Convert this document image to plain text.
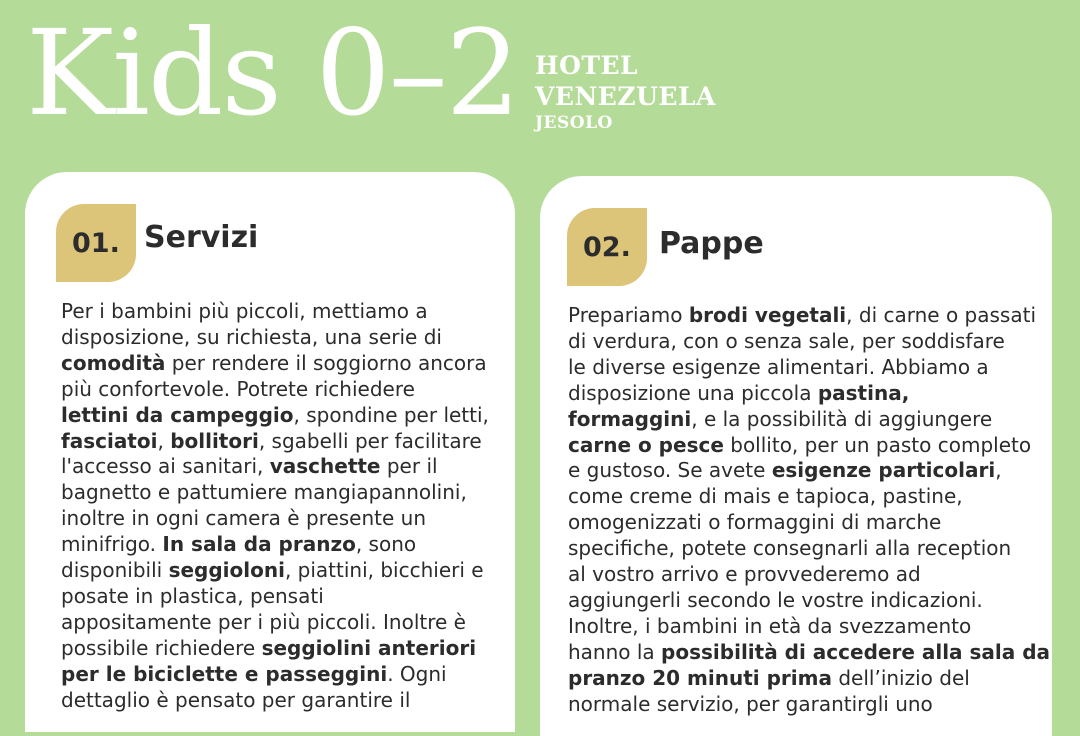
Kids 0–2 HOTEL
VENEZUELA
JESOLO
01. Servizi
Per i bambini più piccoli, mettiamo a
disposizione, su richiesta, una serie di
comodità per rendere il soggiorno ancora
più confortevole. Potrete richiedere
lettini da campeggio, spondine per letti,
fasciatoi, bollitori, sgabelli per facilitare
l'accesso ai sanitari, vaschette per il
bagnetto e pattumiere mangiapannolini,
inoltre in ogni camera è presente un
minifrigo. In sala da pranzo, sono
disponibili seggioloni, piattini, bicchieri e
posate in plastica, pensati
appositamente per i più piccoli. Inoltre è
possibile richiedere seggiolini anteriori
per le biciclette e passeggini. Ogni
dettaglio è pensato per garantire il
02. Pappe
Prepariamo brodi vegetali, di carne o passati
di verdura, con o senza sale, per soddisfare
le diverse esigenze alimentari. Abbiamo a
disposizione una piccola pastina,
formaggini, e la possibilità di aggiungere
carne o pesce bollito, per un pasto completo
e gustoso. Se avete esigenze particolari,
come creme di mais e tapioca, pastine,
omogenizzati o formaggini di marche
specifiche, potete consegnarli alla reception
al vostro arrivo e provvederemo ad
aggiungerli secondo le vostre indicazioni.
Inoltre, i bambini in età da svezzamento
hanno la possibilità di accedere alla sala da
pranzo 20 minuti prima dell’inizio del
normale servizio, per garantirgli uno
